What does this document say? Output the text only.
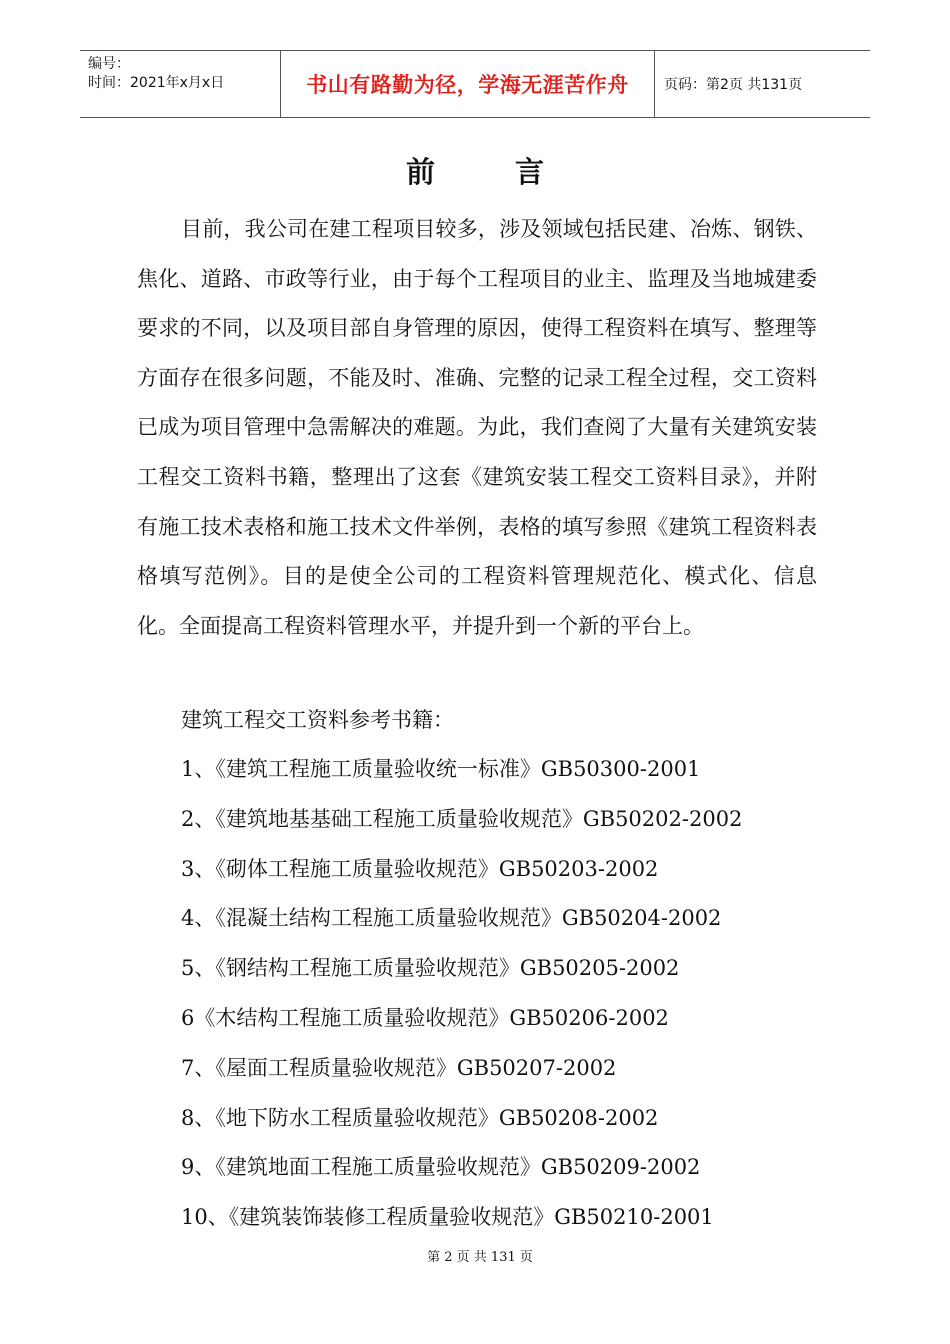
编号：
时间：2021年x月x日	书山有路勤为径，学海无涯苦作舟	页码：第2页 共131页
前言

目前，我公司在建工程项目较多，涉及领域包括民建、冶炼、钢铁、焦化、道路、市政等行业，由于每个工程项目的业主、监理及当地城建委要求的不同，以及项目部自身管理的原因，使得工程资料在填写、整理等方面存在很多问题，不能及时、准确、完整的记录工程全过程，交工资料已成为项目管理中急需解决的难题。为此，我们查阅了大量有关建筑安装工程交工资料书籍，整理出了这套《建筑安装工程交工资料目录》，并附有施工技术表格和施工技术文件举例，表格的填写参照《建筑工程资料表格填写范例》。目的是使全公司的工程资料管理规范化、模式化、信息化。全面提高工程资料管理水平，并提升到一个新的平台上。

建筑工程交工资料参考书籍：

1、《建筑工程施工质量验收统一标准》GB50300-2001

2、《建筑地基基础工程施工质量验收规范》GB50202-2002

3、《砌体工程施工质量验收规范》GB50203-2002

4、《混凝土结构工程施工质量验收规范》GB50204-2002

5、《钢结构工程施工质量验收规范》GB50205-2002

6《木结构工程施工质量验收规范》GB50206-2002

7、《屋面工程质量验收规范》GB50207-2002

8、《地下防水工程质量验收规范》GB50208-2002

9、《建筑地面工程施工质量验收规范》GB50209-2002

10、《建筑装饰装修工程质量验收规范》GB50210-2001

第 2 页 共 131 页
